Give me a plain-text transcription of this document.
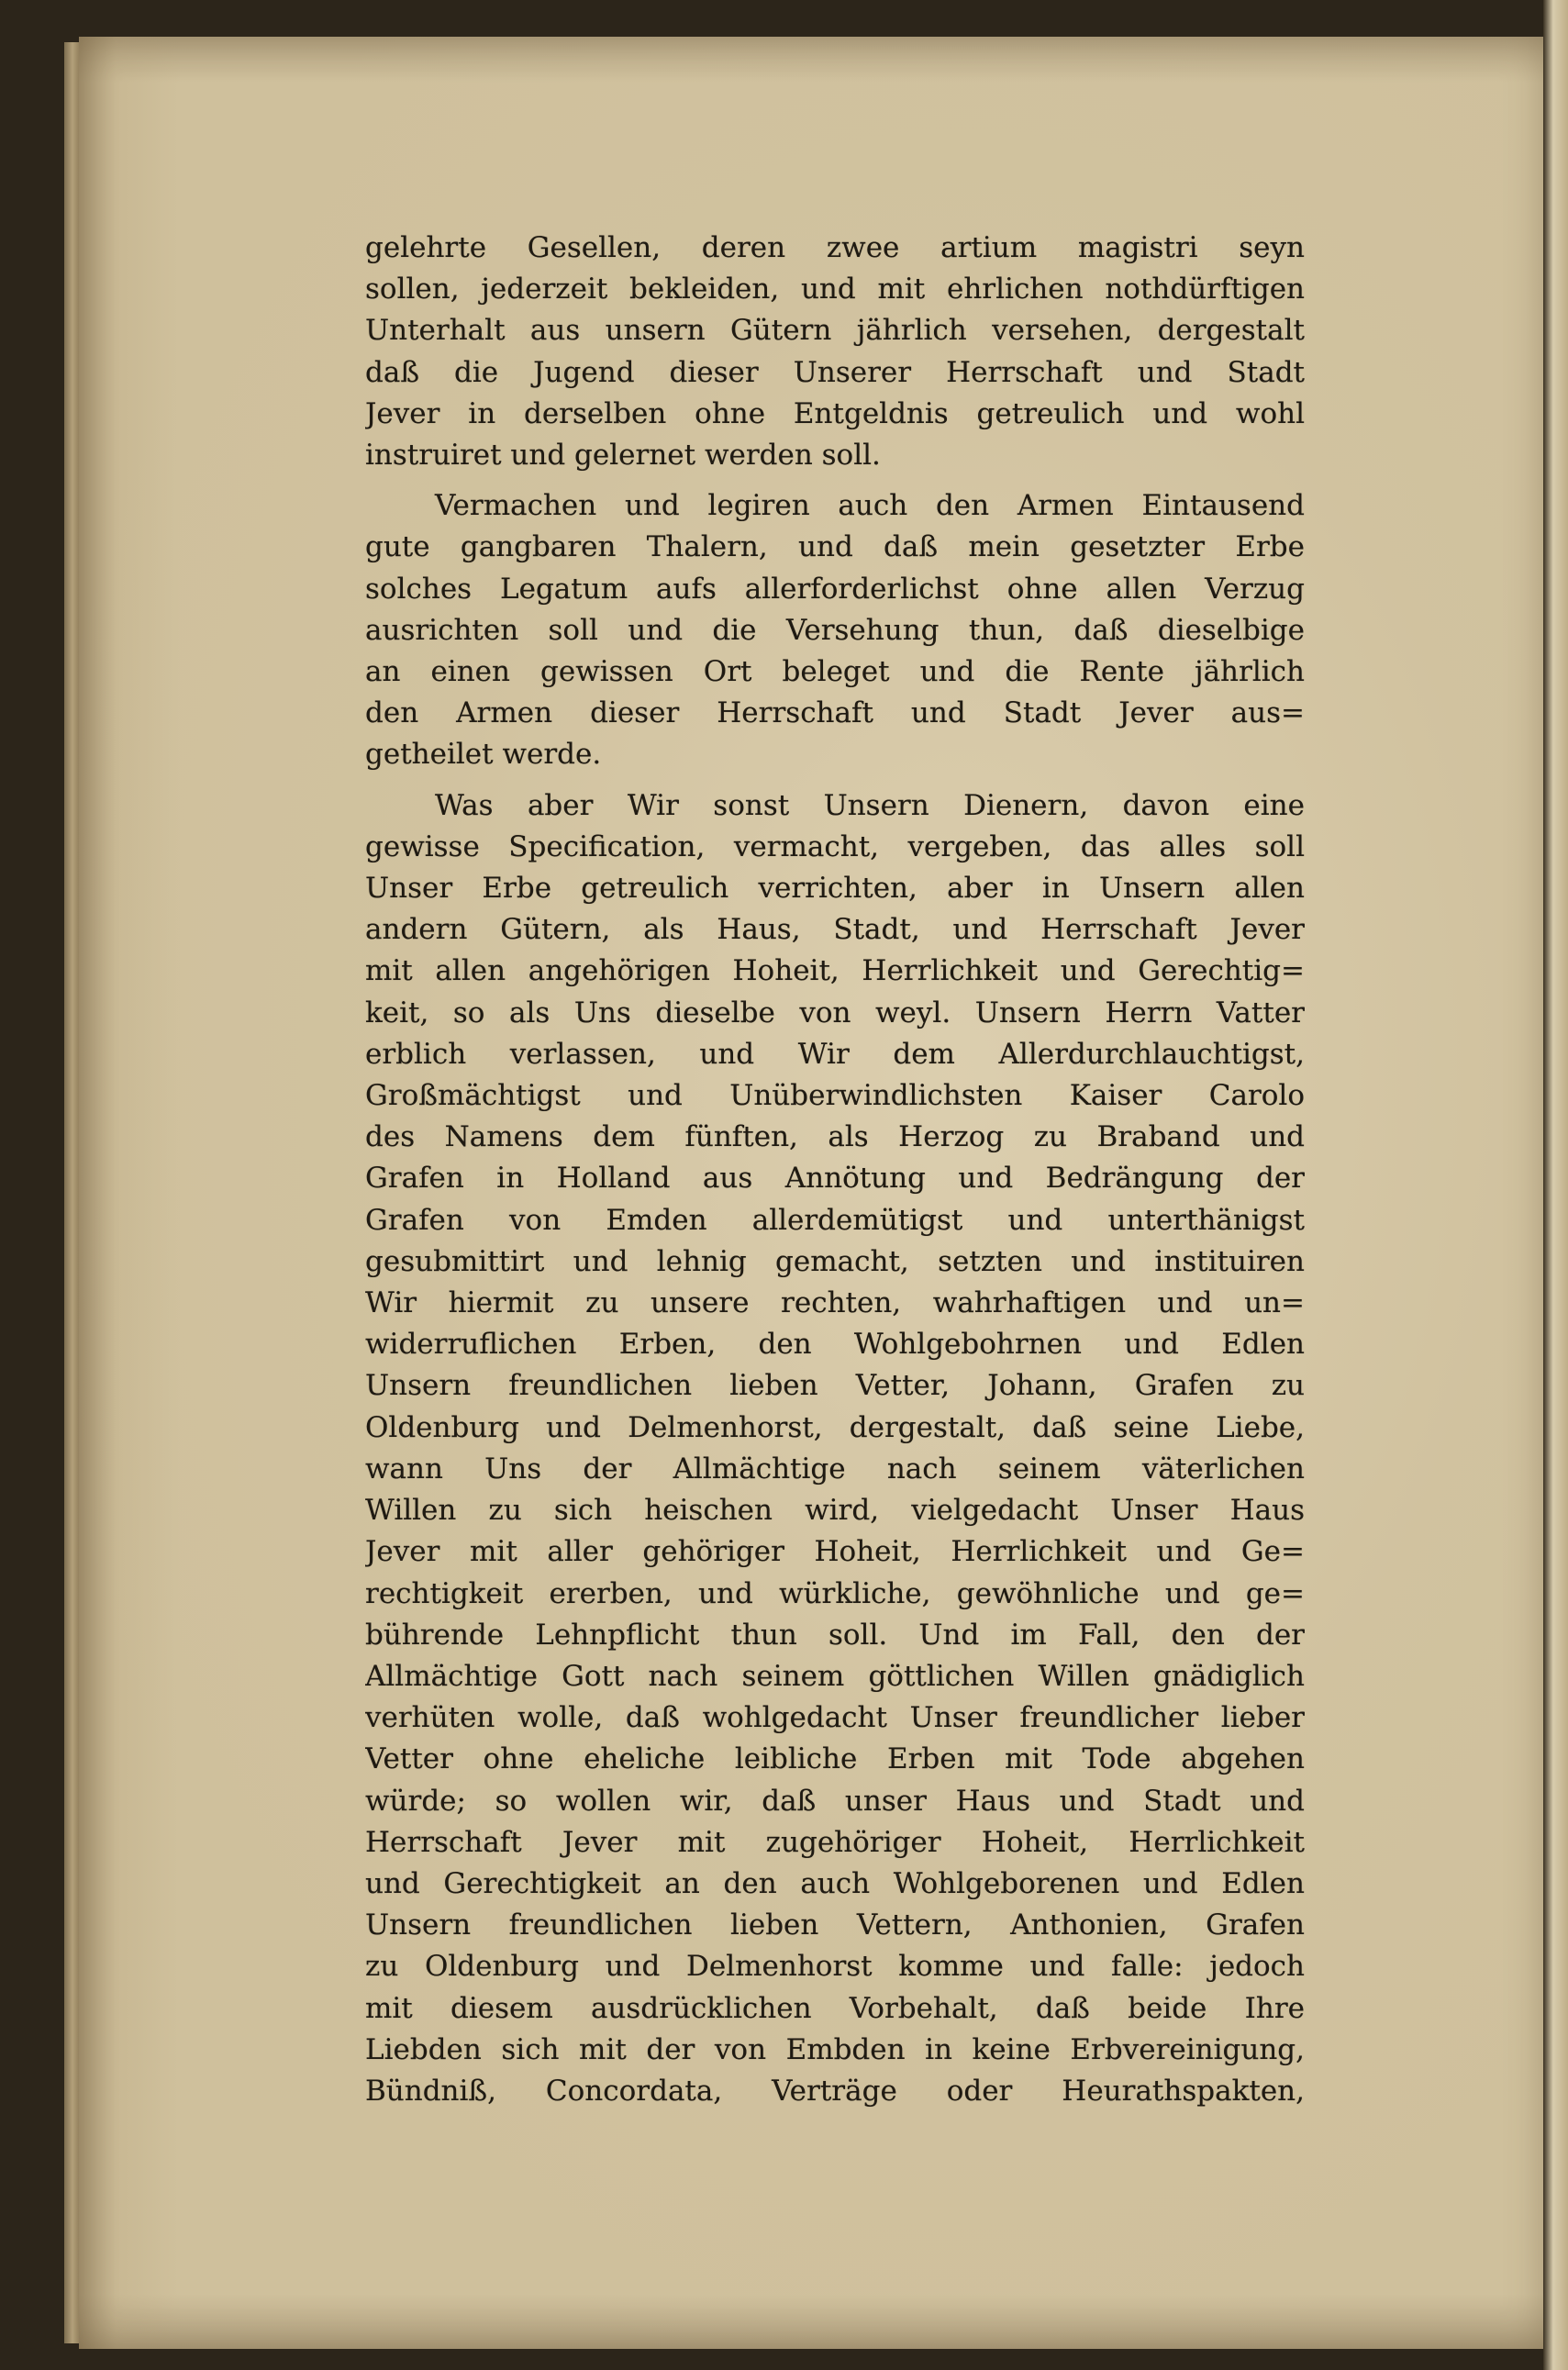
gelehrte Gesellen, deren zwee artium magistri seyn
sollen, jederzeit bekleiden, und mit ehrlichen nothdürftigen
Unterhalt aus unsern Gütern jährlich versehen, dergestalt
daß die Jugend dieser Unserer Herrschaft und Stadt
Jever in derselben ohne Entgeldnis getreulich und wohl
instruiret und gelernet werden soll.
Vermachen und legiren auch den Armen Eintausend
gute gangbaren Thalern, und daß mein gesetzter Erbe
solches Legatum aufs allerforderlichst ohne allen Verzug
ausrichten soll und die Versehung thun, daß dieselbige
an einen gewissen Ort beleget und die Rente jährlich
den Armen dieser Herrschaft und Stadt Jever aus=
getheilet werde.
Was aber Wir sonst Unsern Dienern, davon eine
gewisse Specification, vermacht, vergeben, das alles soll
Unser Erbe getreulich verrichten, aber in Unsern allen
andern Gütern, als Haus, Stadt, und Herrschaft Jever
mit allen angehörigen Hoheit, Herrlichkeit und Gerechtig=
keit, so als Uns dieselbe von weyl. Unsern Herrn Vatter
erblich verlassen, und Wir dem Allerdurchlauchtigst,
Großmächtigst und Unüberwindlichsten Kaiser Carolo
des Namens dem fünften, als Herzog zu Braband und
Grafen in Holland aus Annötung und Bedrängung der
Grafen von Emden allerdemütigst und unterthänigst
gesubmittirt und lehnig gemacht, setzten und instituiren
Wir hiermit zu unsere rechten, wahrhaftigen und un=
widerruflichen Erben, den Wohlgebohrnen und Edlen
Unsern freundlichen lieben Vetter, Johann, Grafen zu
Oldenburg und Delmenhorst, dergestalt, daß seine Liebe,
wann Uns der Allmächtige nach seinem väterlichen
Willen zu sich heischen wird, vielgedacht Unser Haus
Jever mit aller gehöriger Hoheit, Herrlichkeit und Ge=
rechtigkeit ererben, und würkliche, gewöhnliche und ge=
bührende Lehnpflicht thun soll. Und im Fall, den der
Allmächtige Gott nach seinem göttlichen Willen gnädiglich
verhüten wolle, daß wohlgedacht Unser freundlicher lieber
Vetter ohne eheliche leibliche Erben mit Tode abgehen
würde; so wollen wir, daß unser Haus und Stadt und
Herrschaft Jever mit zugehöriger Hoheit, Herrlichkeit
und Gerechtigkeit an den auch Wohlgeborenen und Edlen
Unsern freundlichen lieben Vettern, Anthonien, Grafen
zu Oldenburg und Delmenhorst komme und falle: jedoch
mit diesem ausdrücklichen Vorbehalt, daß beide Ihre
Liebden sich mit der von Embden in keine Erbvereinigung,
Bündniß, Concordata, Verträge oder Heurathspakten,
